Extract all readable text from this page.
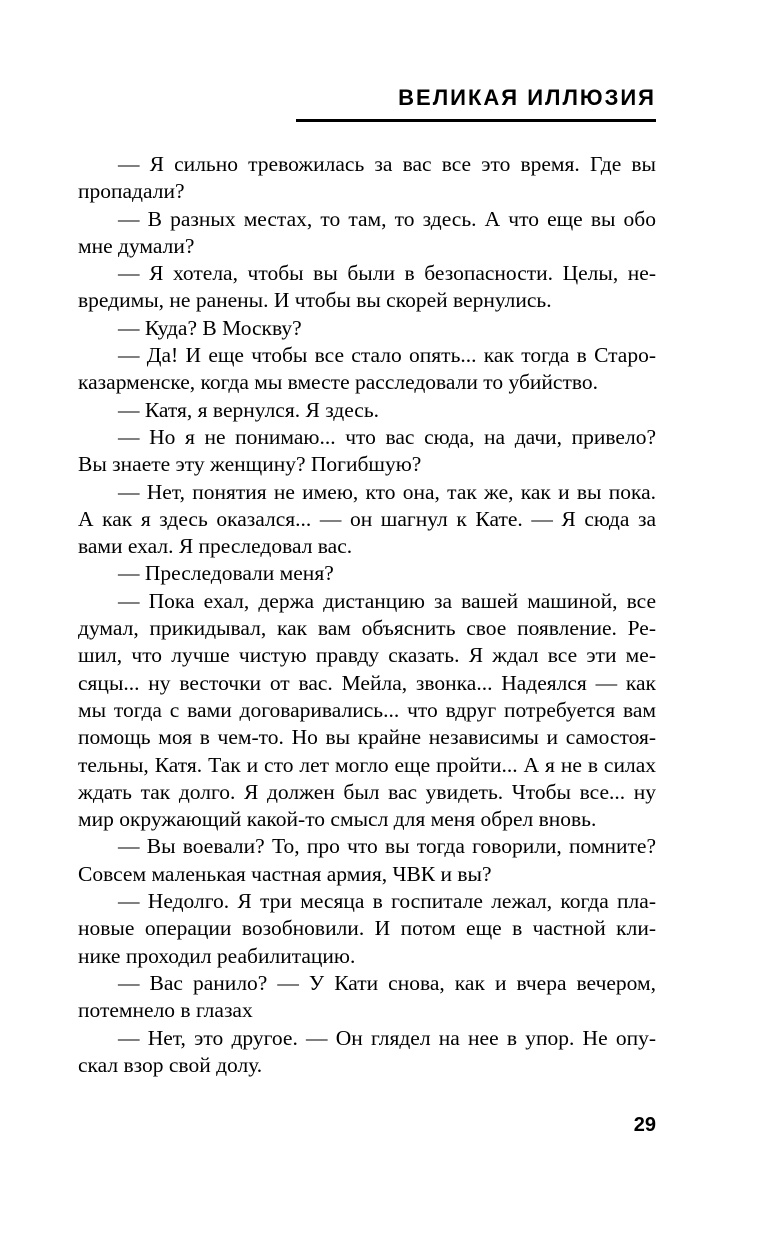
ВЕЛИКАЯ ИЛЛЮЗИЯ
— Я сильно тревожилась за вас все это время. Где вы
пропадали?
— В разных местах, то там, то здесь. А что еще вы обо
мне думали?
— Я хотела, чтобы вы были в безопасности. Целы, не-
вредимы, не ранены. И чтобы вы скорей вернулись.
— Куда? В Москву?
— Да! И еще чтобы все стало опять... как тогда в Старо-
казарменске, когда мы вместе расследовали то убийство.
— Катя, я вернулся. Я здесь.
— Но я не понимаю... что вас сюда, на дачи, привело?
Вы знаете эту женщину? Погибшую?
— Нет, понятия не имею, кто она, так же, как и вы пока.
А как я здесь оказался... — он шагнул к Кате. — Я сюда за
вами ехал. Я преследовал вас.
— Преследовали меня?
— Пока ехал, держа дистанцию за вашей машиной, все
думал, прикидывал, как вам объяснить свое появление. Ре-
шил, что лучше чистую правду сказать. Я ждал все эти ме-
сяцы... ну весточки от вас. Мейла, звонка... Надеялся — как
мы тогда с вами договаривались... что вдруг потребуется вам
помощь моя в чем-то. Но вы крайне независимы и самостоя-
тельны, Катя. Так и сто лет могло еще пройти... А я не в силах
ждать так долго. Я должен был вас увидеть. Чтобы все... ну
мир окружающий какой-то смысл для меня обрел вновь.
— Вы воевали? То, про что вы тогда говорили, помните?
Совсем маленькая частная армия, ЧВК и вы?
— Недолго. Я три месяца в госпитале лежал, когда пла-
новые операции возобновили. И потом еще в частной кли-
нике проходил реабилитацию.
— Вас ранило? — У Кати снова, как и вчера вечером,
потемнело в глазах
— Нет, это другое. — Он глядел на нее в упор. Не опу-
скал взор свой долу.
29
